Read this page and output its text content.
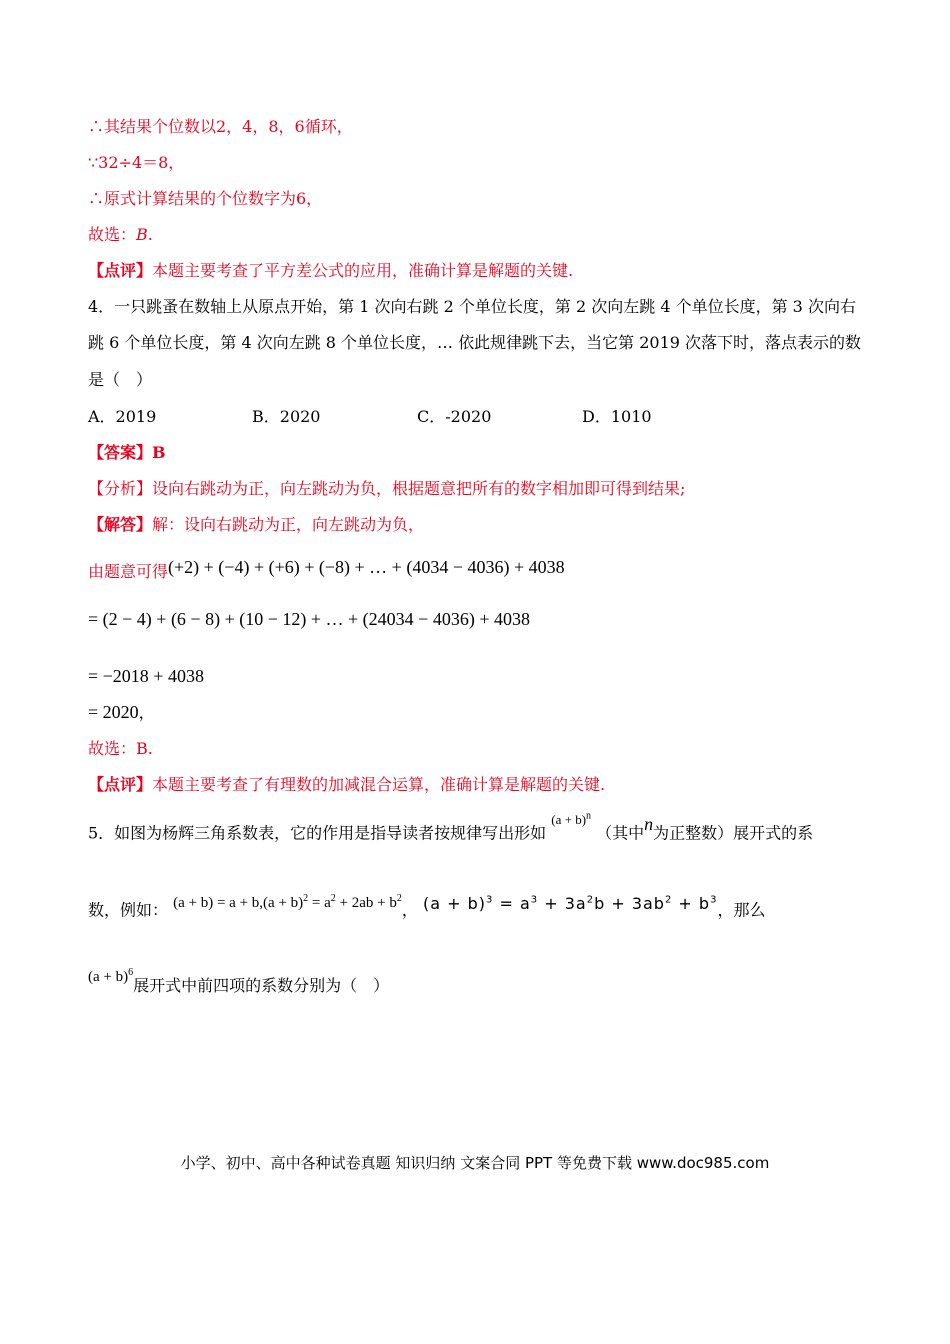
∴其结果个位数以2，4，8，6循环，
∵32÷4＝8，
∴原式计算结果的个位数字为6，
故选：B.
【点评】本题主要考查了平方差公式的应用，准确计算是解题的关键.
4．一只跳蚤在数轴上从原点开始，第 1 次向右跳 2 个单位长度，第 2 次向左跳 4 个单位长度，第 3 次向右
跳 6 个单位长度，第 4 次向左跳 8 个单位长度，… 依此规律跳下去，当它第 2019 次落下时，落点表示的数
是（　）
A．2019	B．2020	C．-2020	D．1010
【答案】B
【分析】设向右跳动为正，向左跳动为负，根据题意把所有的数字相加即可得到结果;
【解答】解：设向右跳动为正，向左跳动为负，
由题意可得(+2) + (−4) + (+6) + (−8) + … + (4034 − 4036) + 4038
= (2 − 4) + (6 − 8) + (10 − 12) + … + (24034 − 4036) + 4038
= −2018 + 4038
= 2020，
故选：B.
【点评】本题主要考查了有理数的加减混合运算，准确计算是解题的关键.
5．如图为杨辉三角系数表，它的作用是指导读者按规律写出形如 $^{(a + b)^n}$ （其中n为正整数）展开式的系
数，例如： $(a + b) = a + b,(a + b)^2 = a^2 + 2ab + b^2$， $(a + b)^3 = a^3 + 3a^2b + 3ab^2 + b^3$，那么
$(a + b)^6$展开式中前四项的系数分别为（　）
小学、初中、高中各种试卷真题 知识归纳 文案合同 PPT 等免费下载 www.doc985.com
